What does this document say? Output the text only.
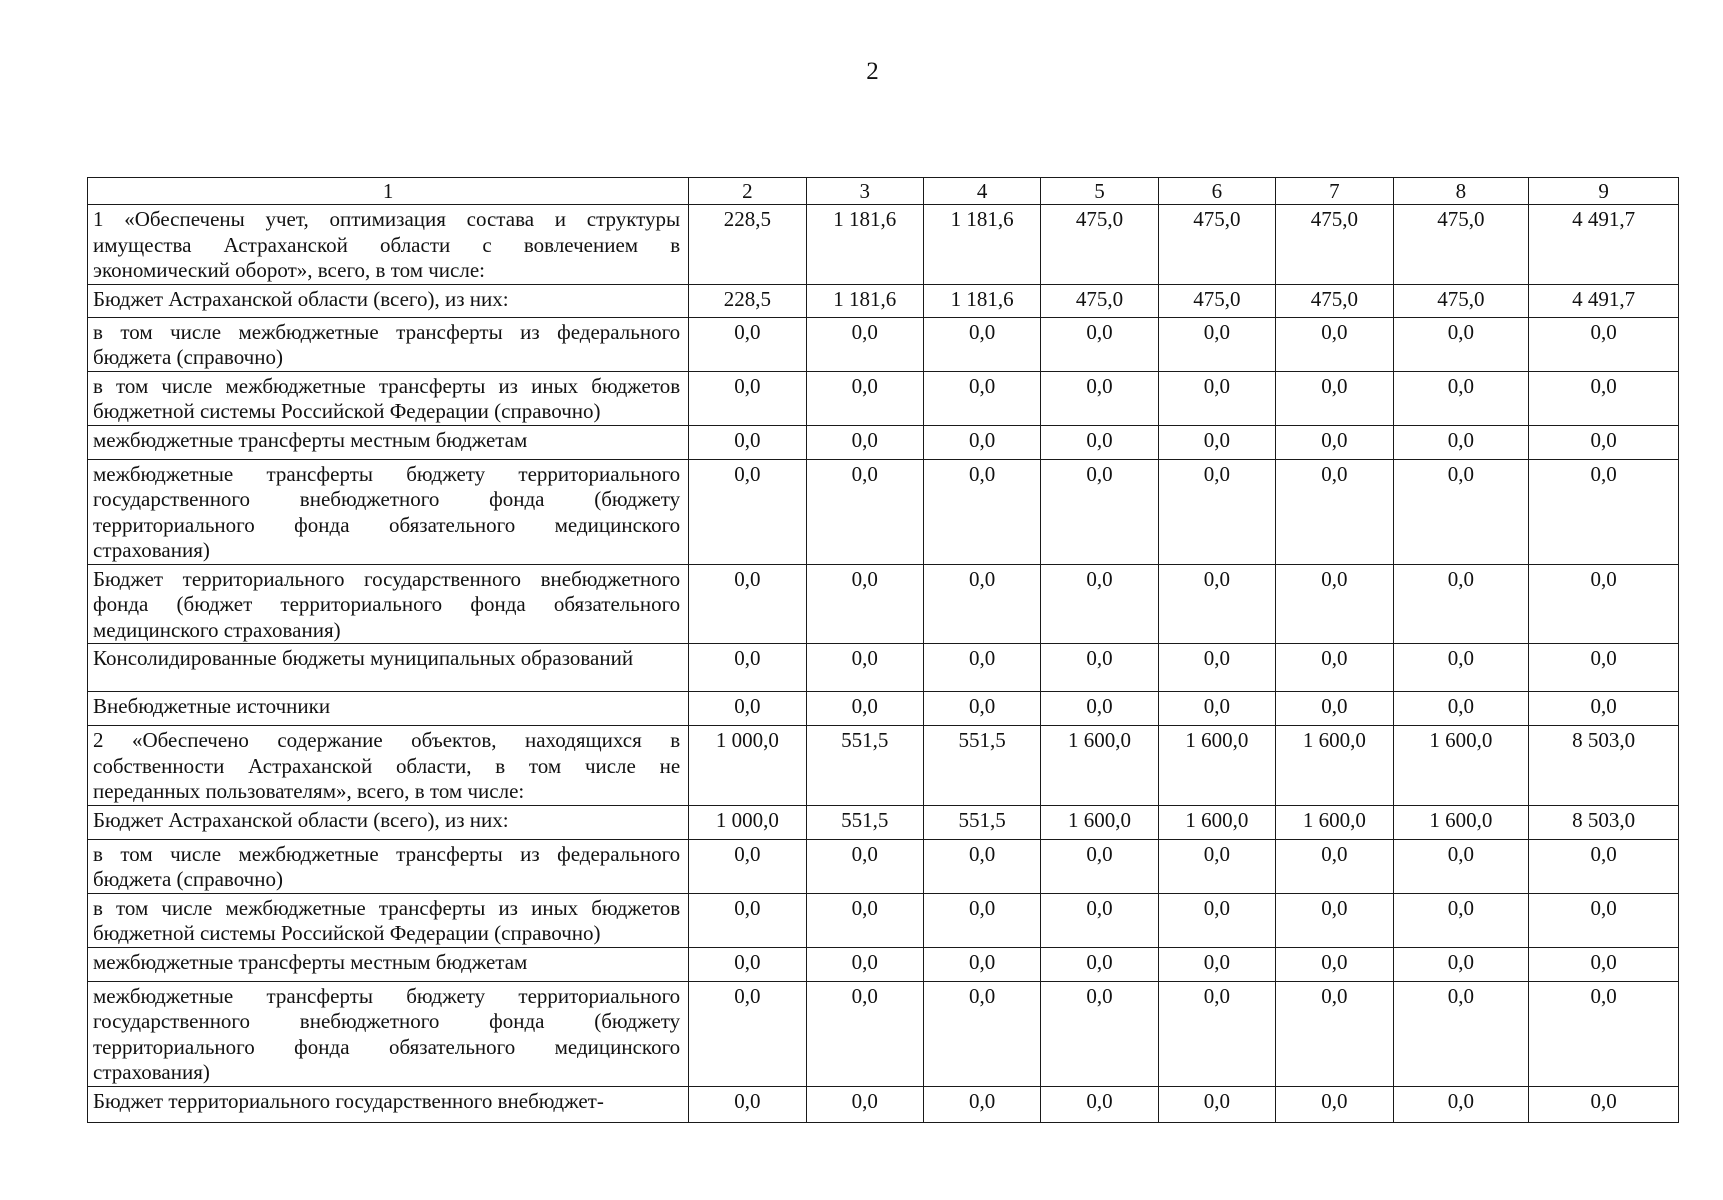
2
1	2	3	4	5	6	7	8	9
1 «Обеспечены учет, оптимизация состава и структуры имущества Астраханской области с вовлечением в экономический оборот», всего, в том числе:	228,5	1 181,6	1 181,6	475,0	475,0	475,0	475,0	4 491,7
Бюджет Астраханской области (всего), из них:	228,5	1 181,6	1 181,6	475,0	475,0	475,0	475,0	4 491,7
в том числе межбюджетные трансферты из федерального бюджета (справочно)	0,0	0,0	0,0	0,0	0,0	0,0	0,0	0,0
в том числе межбюджетные трансферты из иных бюджетов бюджетной системы Российской Федерации (справочно)	0,0	0,0	0,0	0,0	0,0	0,0	0,0	0,0
межбюджетные трансферты местным бюджетам	0,0	0,0	0,0	0,0	0,0	0,0	0,0	0,0
межбюджетные трансферты бюджету территориального государственного внебюджетного фонда (бюджету территориального фонда обязательного медицинского страхования)	0,0	0,0	0,0	0,0	0,0	0,0	0,0	0,0
Бюджет территориального государственного внебюджетного фонда (бюджет территориального фонда обязательного медицинского страхования)	0,0	0,0	0,0	0,0	0,0	0,0	0,0	0,0
Консолидированные бюджеты муниципальных образований	0,0	0,0	0,0	0,0	0,0	0,0	0,0	0,0
Внебюджетные источники	0,0	0,0	0,0	0,0	0,0	0,0	0,0	0,0
2 «Обеспечено содержание объектов, находящихся в собственности Астраханской области, в том числе не переданных пользователям», всего, в том числе:	1 000,0	551,5	551,5	1 600,0	1 600,0	1 600,0	1 600,0	8 503,0
Бюджет Астраханской области (всего), из них:	1 000,0	551,5	551,5	1 600,0	1 600,0	1 600,0	1 600,0	8 503,0
в том числе межбюджетные трансферты из федерального бюджета (справочно)	0,0	0,0	0,0	0,0	0,0	0,0	0,0	0,0
в том числе межбюджетные трансферты из иных бюджетов бюджетной системы Российской Федерации (справочно)	0,0	0,0	0,0	0,0	0,0	0,0	0,0	0,0
межбюджетные трансферты местным бюджетам	0,0	0,0	0,0	0,0	0,0	0,0	0,0	0,0
межбюджетные трансферты бюджету территориального государственного внебюджетного фонда (бюджету территориального фонда обязательного медицинского страхования)	0,0	0,0	0,0	0,0	0,0	0,0	0,0	0,0
Бюджет территориального государственного внебюджет-	0,0	0,0	0,0	0,0	0,0	0,0	0,0	0,0
